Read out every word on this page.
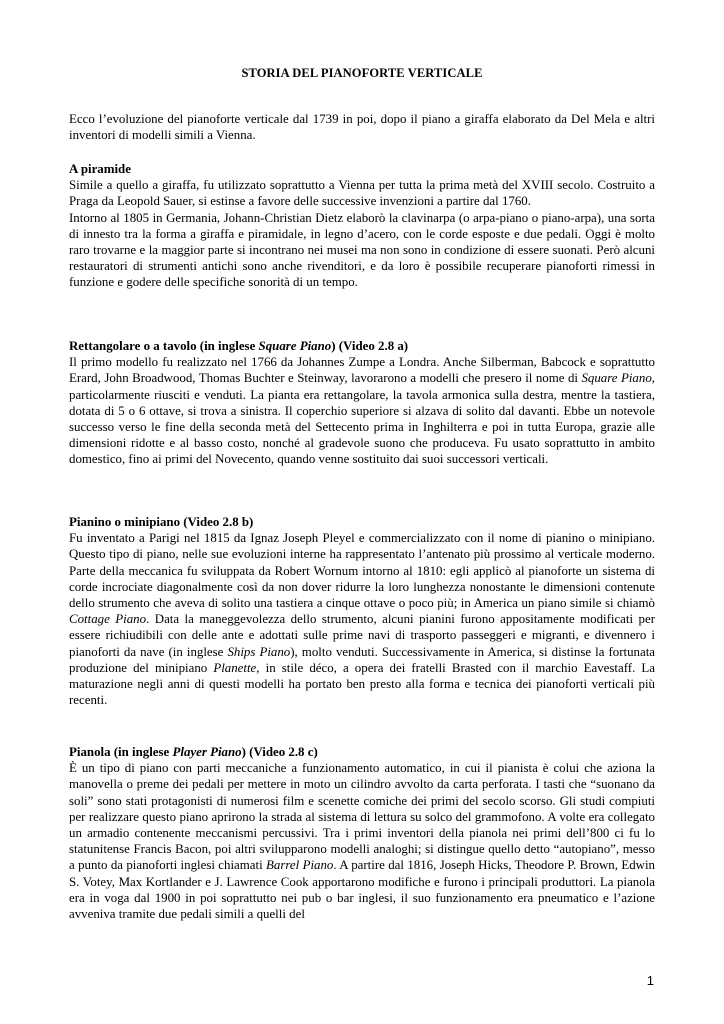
STORIA DEL PIANOFORTE VERTICALE

Ecco l’evoluzione del pianoforte verticale dal 1739 in poi, dopo il piano a giraffa elaborato da Del Mela e altri inventori di modelli simili a Vienna.

A piramide

Simile a quello a giraffa, fu utilizzato soprattutto a Vienna per tutta la prima metà del XVIII secolo. Costruito a Praga da Leopold Sauer, si estinse a favore delle successive invenzioni a partire dal 1760.

Intorno al 1805 in Germania, Johann-Christian Dietz elaborò la clavinarpa (o arpa-piano o piano-arpa), una sorta di innesto tra la forma a giraffa e piramidale, in legno d’acero, con le corde esposte e due pedali. Oggi è molto raro trovarne e la maggior parte si incontrano nei musei ma non sono in condizione di essere suonati. Però alcuni restauratori di strumenti antichi sono anche rivenditori, e da loro è possibile recuperare pianoforti rimessi in funzione e godere delle specifiche sonorità di un tempo.

Rettangolare o a tavolo (in inglese Square Piano) (Video 2.8 a)

Il primo modello fu realizzato nel 1766 da Johannes Zumpe a Londra. Anche Silberman, Babcock e soprattutto Erard, John Broadwood, Thomas Buchter e Steinway, lavorarono a modelli che presero il nome di Square Piano, particolarmente riusciti e venduti. La pianta era rettangolare, la tavola armonica sulla destra, mentre la tastiera, dotata di 5 o 6 ottave, si trova a sinistra. Il coperchio superiore si alzava di solito dal davanti. Ebbe un notevole successo verso le fine della seconda metà del Settecento prima in Inghilterra e poi in tutta Europa, grazie alle dimensioni ridotte e al basso costo, nonché al gradevole suono che produceva. Fu usato soprattutto in ambito domestico, fino ai primi del Novecento, quando venne sostituito dai suoi successori verticali.

Pianino o minipiano (Video 2.8 b)

Fu inventato a Parigi nel 1815 da Ignaz Joseph Pleyel e commercializzato con il nome di pianino o minipiano. Questo tipo di piano, nelle sue evoluzioni interne ha rappresentato l’antenato più prossimo al verticale moderno. Parte della meccanica fu sviluppata da Robert Wornum intorno al 1810: egli applicò al pianoforte un sistema di corde incrociate diagonalmente così da non dover ridurre la loro lunghezza nonostante le dimensioni contenute dello strumento che aveva di solito una tastiera a cinque ottave o poco più; in America un piano simile si chiamò Cottage Piano. Data la maneggevolezza dello strumento, alcuni pianini furono appositamente modificati per essere richiudibili con delle ante e adottati sulle prime navi di trasporto passeggeri e migranti, e divennero i pianoforti da nave (in inglese Ships Piano), molto venduti. Successivamente in America, si distinse la fortunata produzione del minipiano Planette, in stile déco, a opera dei fratelli Brasted con il marchio Eavestaff. La maturazione negli anni di questi modelli ha portato ben presto alla forma e tecnica dei pianoforti verticali più recenti.

Pianola (in inglese Player Piano) (Video 2.8 c)

È un tipo di piano con parti meccaniche a funzionamento automatico, in cui il pianista è colui che aziona la manovella o preme dei pedali per mettere in moto un cilindro avvolto da carta perforata. I tasti che “suonano da soli” sono stati protagonisti di numerosi film e scenette comiche dei primi del secolo scorso. Gli studi compiuti per realizzare questo piano aprirono la strada al sistema di lettura su solco del grammofono. A volte era collegato un armadio contenente meccanismi percussivi. Tra i primi inventori della pianola nei primi dell’800 ci fu lo statunitense Francis Bacon, poi altri svilupparono modelli analoghi; si distingue quello detto “autopiano”, messo a punto da pianoforti inglesi chiamati Barrel Piano. A partire dal 1816, Joseph Hicks, Theodore P. Brown, Edwin S. Votey, Max Kortlander e J. Lawrence Cook apportarono modifiche e furono i principali produttori. La pianola era in voga dal 1900 in poi soprattutto nei pub o bar inglesi, il suo funzionamento era pneumatico e l’azione avveniva tramite due pedali simili a quelli del

1
